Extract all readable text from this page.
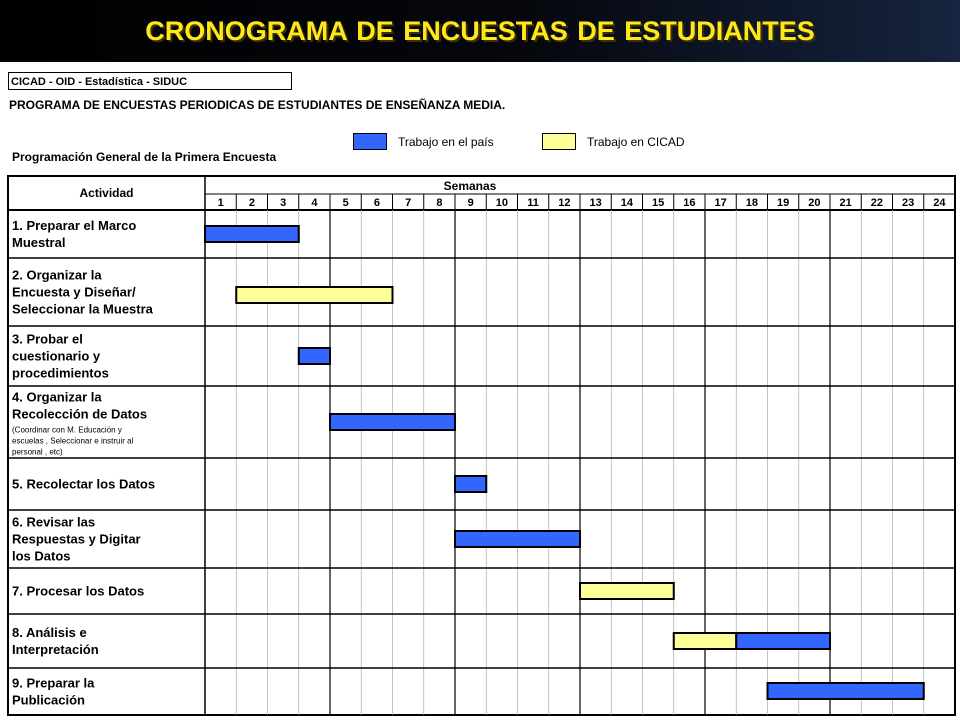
CRONOGRAMA DE ENCUESTAS DE ESTUDIANTES
CICAD - OID - Estadística - SIDUC
PROGRAMA DE ENCUESTAS PERIODICAS DE ESTUDIANTES DE ENSEÑANZA MEDIA.
Trabajo en el país	Trabajo en CICAD
Programación General de la Primera Encuesta
Actividad	Semanas
1 2 3 4 5 6 7 8 9 10 11 12 13 14 15 16 17 18 19 20 21 22 23 24
1. Preparar el Marco
Muestral
2. Organizar la
Encuesta y Diseñar/
Seleccionar la Muestra
3. Probar el
cuestionario y
procedimientos
4. Organizar la
Recolección de Datos
(Coordinar con M. Educación y
escuelas , Seleccionar e instruir al
personal , etc)
5. Recolectar los Datos
6. Revisar las
Respuestas y Digitar
los Datos
7. Procesar los Datos
8. Análisis e
Interpretación
9. Preparar la
Publicación
